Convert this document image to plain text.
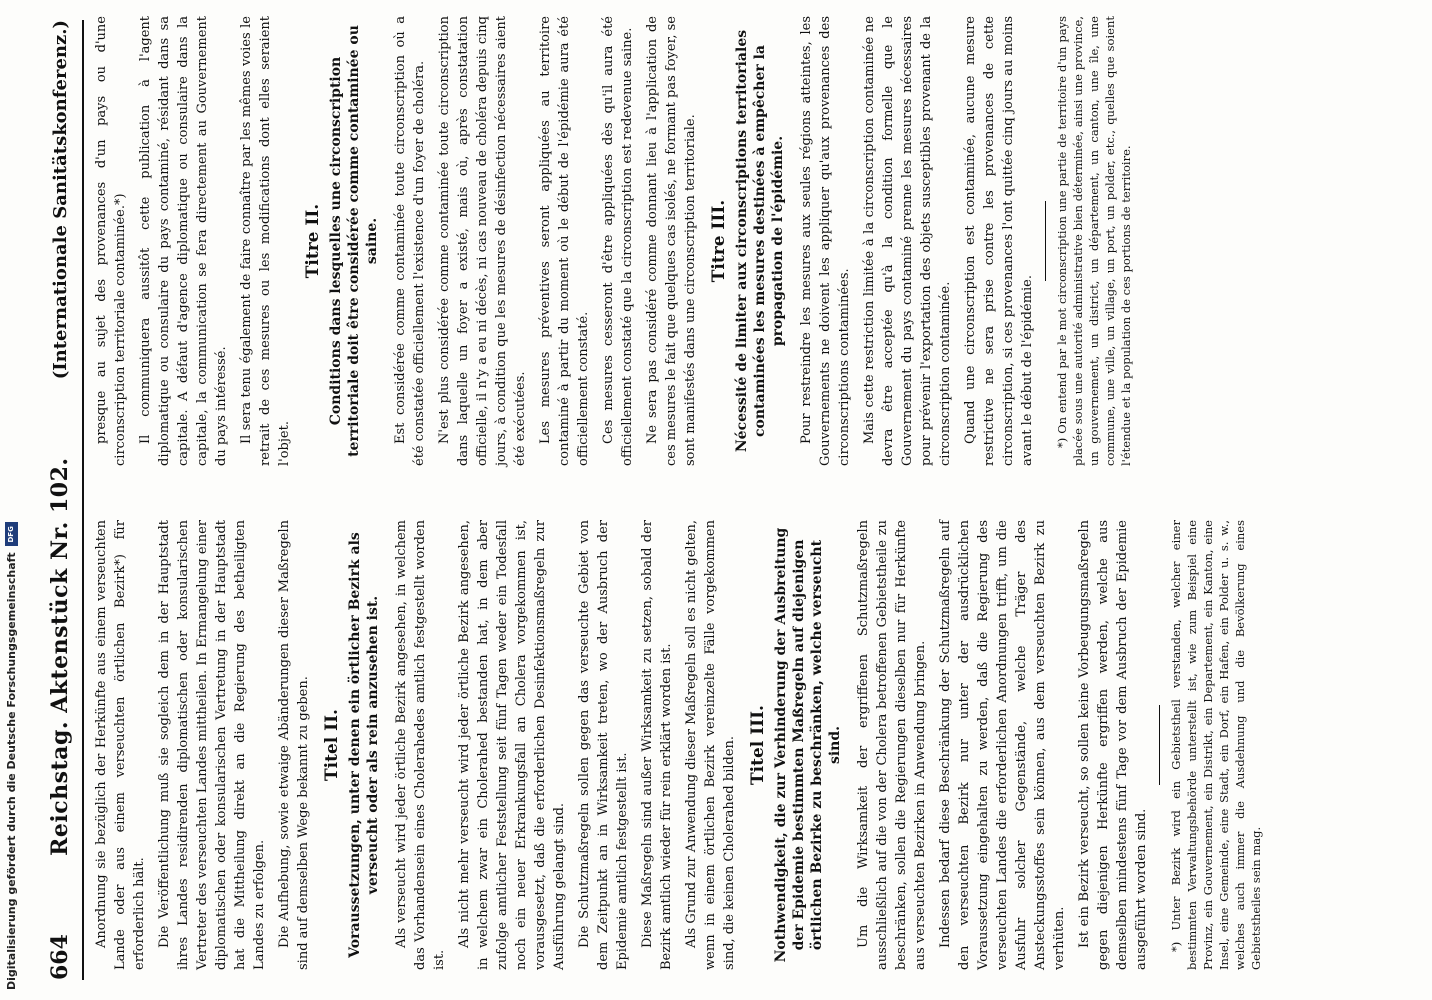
664
Reichstag. Aktenstück Nr. 102.
(Internationale Sanitätskonferenz.)

Anordnung sie bezüglich der Herkünfte aus einem verseuchten Lande oder aus einem verseuchten örtlichen Bezirk*) für erforderlich hält. Die Veröffentlichung muß sie sogleich dem in der Hauptstadt ihres Landes residirenden diplomatischen oder konsularischen Vertreter des verseuchten Landes mittheilen. In Ermangelung einer diplomatischen oder konsularischen Vertretung in der Hauptstadt hat die Mittheilung direkt an die Regierung des betheiligten Landes zu erfolgen. Die Aufhebung, sowie etwaige Abänderungen dieser Maßregeln sind auf demselben Wege bekannt zu geben. Titel II. Voraussetzungen, unter denen ein örtlicher Bezirk als verseucht oder als rein anzusehen ist. Als verseucht wird jeder örtliche Bezirk angesehen, in welchem das Vorhandensein eines Cholerahedes amtlich festgestellt worden ist.

Als nicht mehr verseucht wird jeder örtliche Bezirk angesehen, in welchem zwar ein Cholerahed bestanden hat, in dem aber zufolge amtlicher Feststellung seit fünf Tagen weder ein Todesfall noch ein neuer Erkrankungsfall an Cholera vorgekommen ist, vorausgesetzt, daß die erforderlichen Desinfektionsmaßregeln zur Ausführung gelangt sind. Die Schutzmaßregeln sollen gegen das verseuchte Gebiet von dem Zeitpunkt an in Wirksamkeit treten, wo der Ausbruch der Epidemie amtlich festgestellt ist. Diese Maßregeln sind außer Wirksamkeit zu setzen, sobald der Bezirk amtlich wieder für rein erklärt worden ist. Als Grund zur Anwendung dieser Maßregeln soll es nicht gelten, wenn in einem örtlichen Bezirk vereinzelte Fälle vorgekommen sind, die keinen Cholerahed bilden. Titel III. Nothwendigkeit, die zur Verhinderung der Ausbreitung der Epidemie bestimmten Maßregeln auf diejenigen örtlichen Bezirke zu beschränken, welche verseucht sind. Um die Wirksamkeit der ergriffenen Schutzmaßregeln ausschließlich auf die von der Cholera betroffenen Gebietstheile zu beschränken, sollen die Regierungen dieselben nur für Herkünfte aus verseuchten Bezirken in Anwendung bringen. Indessen bedarf diese Beschränkung der Schutzmaßregeln auf den verseuchten Bezirk nur unter der ausdrücklichen Voraussetzung eingehalten zu werden, daß die Regierung des verseuchten Landes die erforderlichen Anordnungen trifft, um die Ausfuhr solcher Gegenstände, welche Träger des Ansteckungsstoffes sein können, aus dem verseuchten Bezirk zu verhüten. Ist ein Bezirk verseucht, so sollen keine Vorbeugungsmaßregeln gegen diejenigen Herkünfte ergriffen werden, welche aus demselben mindestens fünf Tage vor dem Ausbruch der Epidemie ausgeführt worden sind. *) Unter Bezirk wird ein Gebietstheil verstanden, welcher einer bestimmten Verwaltungsbehörde unterstellt ist, wie zum Beispiel eine Provinz, ein Gouvernement, ein Distrikt, ein Departement, ein Kanton, eine Insel, eine Gemeinde, eine Stadt, ein Dorf, ein Hafen, ein Polder u. s. w., welches auch immer die Ausdehnung und die Bevölkerung eines Gebietstheiles sein mag.

presque au sujet des provenances d'un pays ou d'une circonscription territoriale contaminée.*) Il communiquera aussitôt cette publication à l'agent diplomatique ou consulaire du pays contaminé, résidant dans sa capitale. A défaut d'agence diplomatique ou consulaire dans la capitale, la communication se fera directement au Gouvernement du pays intéressé. Il sera tenu également de faire connaître par les mêmes voies le retrait de ces mesures ou les modifications dont elles seraient l'objet.

Titre II. Conditions dans lesquelles une circonscription territoriale doit être considérée comme contaminée ou saine. Est considérée comme contaminée toute circonscription où a été constatée officiellement l'existence d'un foyer de choléra. N'est plus considérée comme contaminée toute circonscription dans laquelle un foyer a existé, mais où, après constatation officielle, il n'y a eu ni décès, ni cas nouveau de choléra depuis cinq jours, à condition que les mesures de désinfection nécessaires aient été exécutées. Les mesures préventives seront appliquées au territoire contaminé à partir du moment où le début de l'épidémie aura été officiellement constaté. Ces mesures cesseront d'être appliquées dès qu'il aura été officiellement constaté que la circonscription est redevenue saine. Ne sera pas considéré comme donnant lieu à l'application de ces mesures le fait que quelques cas isolés, ne formant pas foyer, se sont manifestés dans une circonscription territoriale. Titre III. Nécessité de limiter aux circonscriptions territoriales contaminées les mesures destinées à empêcher la propagation de l'épidémie. Pour restreindre les mesures aux seules régions atteintes, les Gouvernements ne doivent les appliquer qu'aux provenances des circonscriptions contaminées. Mais cette restriction limitée à la circonscription contaminée ne devra être acceptée qu'à la condition formelle que le Gouvernement du pays contaminé prenne les mesures nécessaires pour prévenir l'exportation des objets susceptibles provenant de la circonscription contaminée. Quand une circonscription est contaminée, aucune mesure restrictive ne sera prise contre les provenances de cette circonscription, si ces provenances l'ont quittée cinq jours au moins avant le début de l'épidémie. *) On entend par le mot circonscription une partie de territoire d'un pays placée sous une autorité administrative bien déterminée, ainsi une province, un gouvernement, un district, un département, un canton, une île, une commune, une ville, un village, un port, un polder, etc., quelles que soient l'étendue et la population de ces portions de territoire.

Digitalisierung gefördert durch die Deutsche Forschungsgemeinschaft
DFG
